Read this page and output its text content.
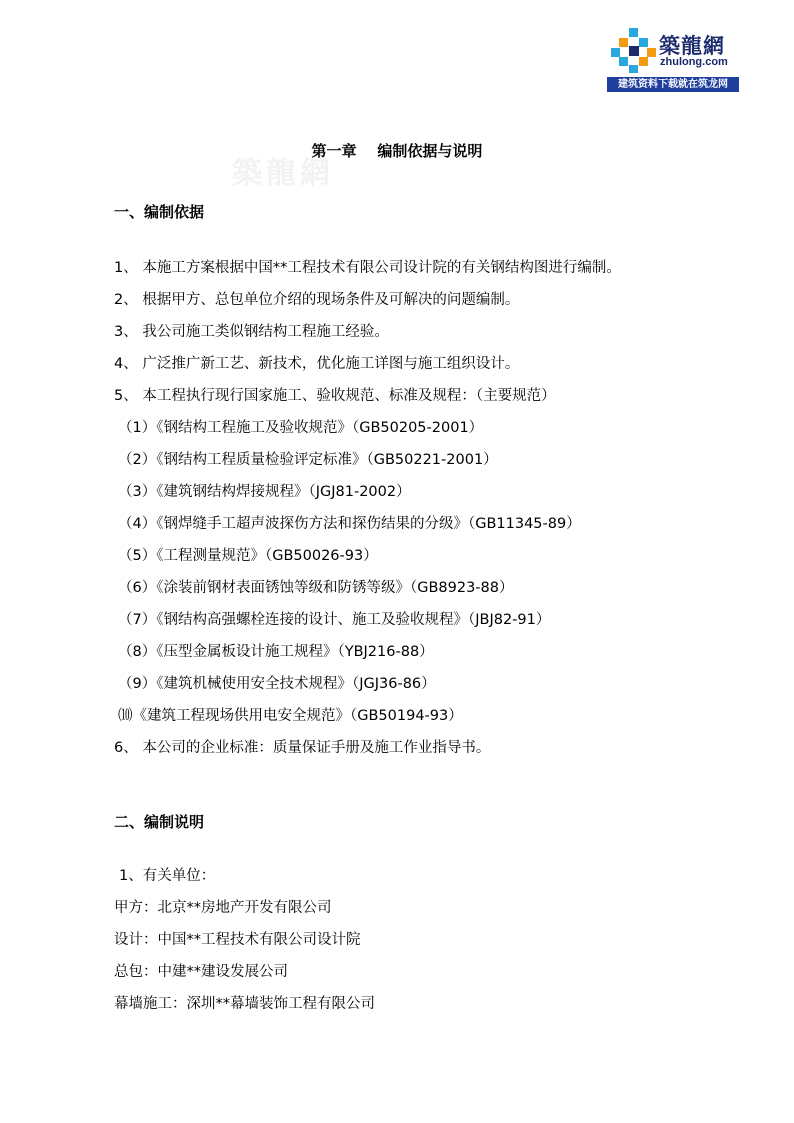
築龍網
zhulong.com
建筑资料下载就在筑龙网
築龍網
第一章    编制依据与说明
一、编制依据
1、 本施工方案根据中国**工程技术有限公司设计院的有关钢结构图进行编制。
2、 根据甲方、总包单位介绍的现场条件及可解决的问题编制。
3、 我公司施工类似钢结构工程施工经验。
4、 广泛推广新工艺、新技术，优化施工详图与施工组织设计。
5、 本工程执行现行国家施工、验收规范、标准及规程：（主要规范）
（1）《钢结构工程施工及验收规范》（GB50205-2001）
（2）《钢结构工程质量检验评定标准》（GB50221-2001）
（3）《建筑钢结构焊接规程》（JGJ81-2002）
（4）《钢焊缝手工超声波探伤方法和探伤结果的分级》（GB11345-89）
（5）《工程测量规范》（GB50026-93）
（6）《涂装前钢材表面锈蚀等级和防锈等级》（GB8923-88）
（7）《钢结构高强螺栓连接的设计、施工及验收规程》（JBJ82-91）
（8）《压型金属板设计施工规程》（YBJ216-88）
（9）《建筑机械使用安全技术规程》（JGJ36-86）
⑽《建筑工程现场供用电安全规范》（GB50194-93）
6、 本公司的企业标准：质量保证手册及施工作业指导书。
二、编制说明
1、有关单位：
甲方：北京**房地产开发有限公司
设计：中国**工程技术有限公司设计院
总包：中建**建设发展公司
幕墙施工：深圳**幕墙装饰工程有限公司
